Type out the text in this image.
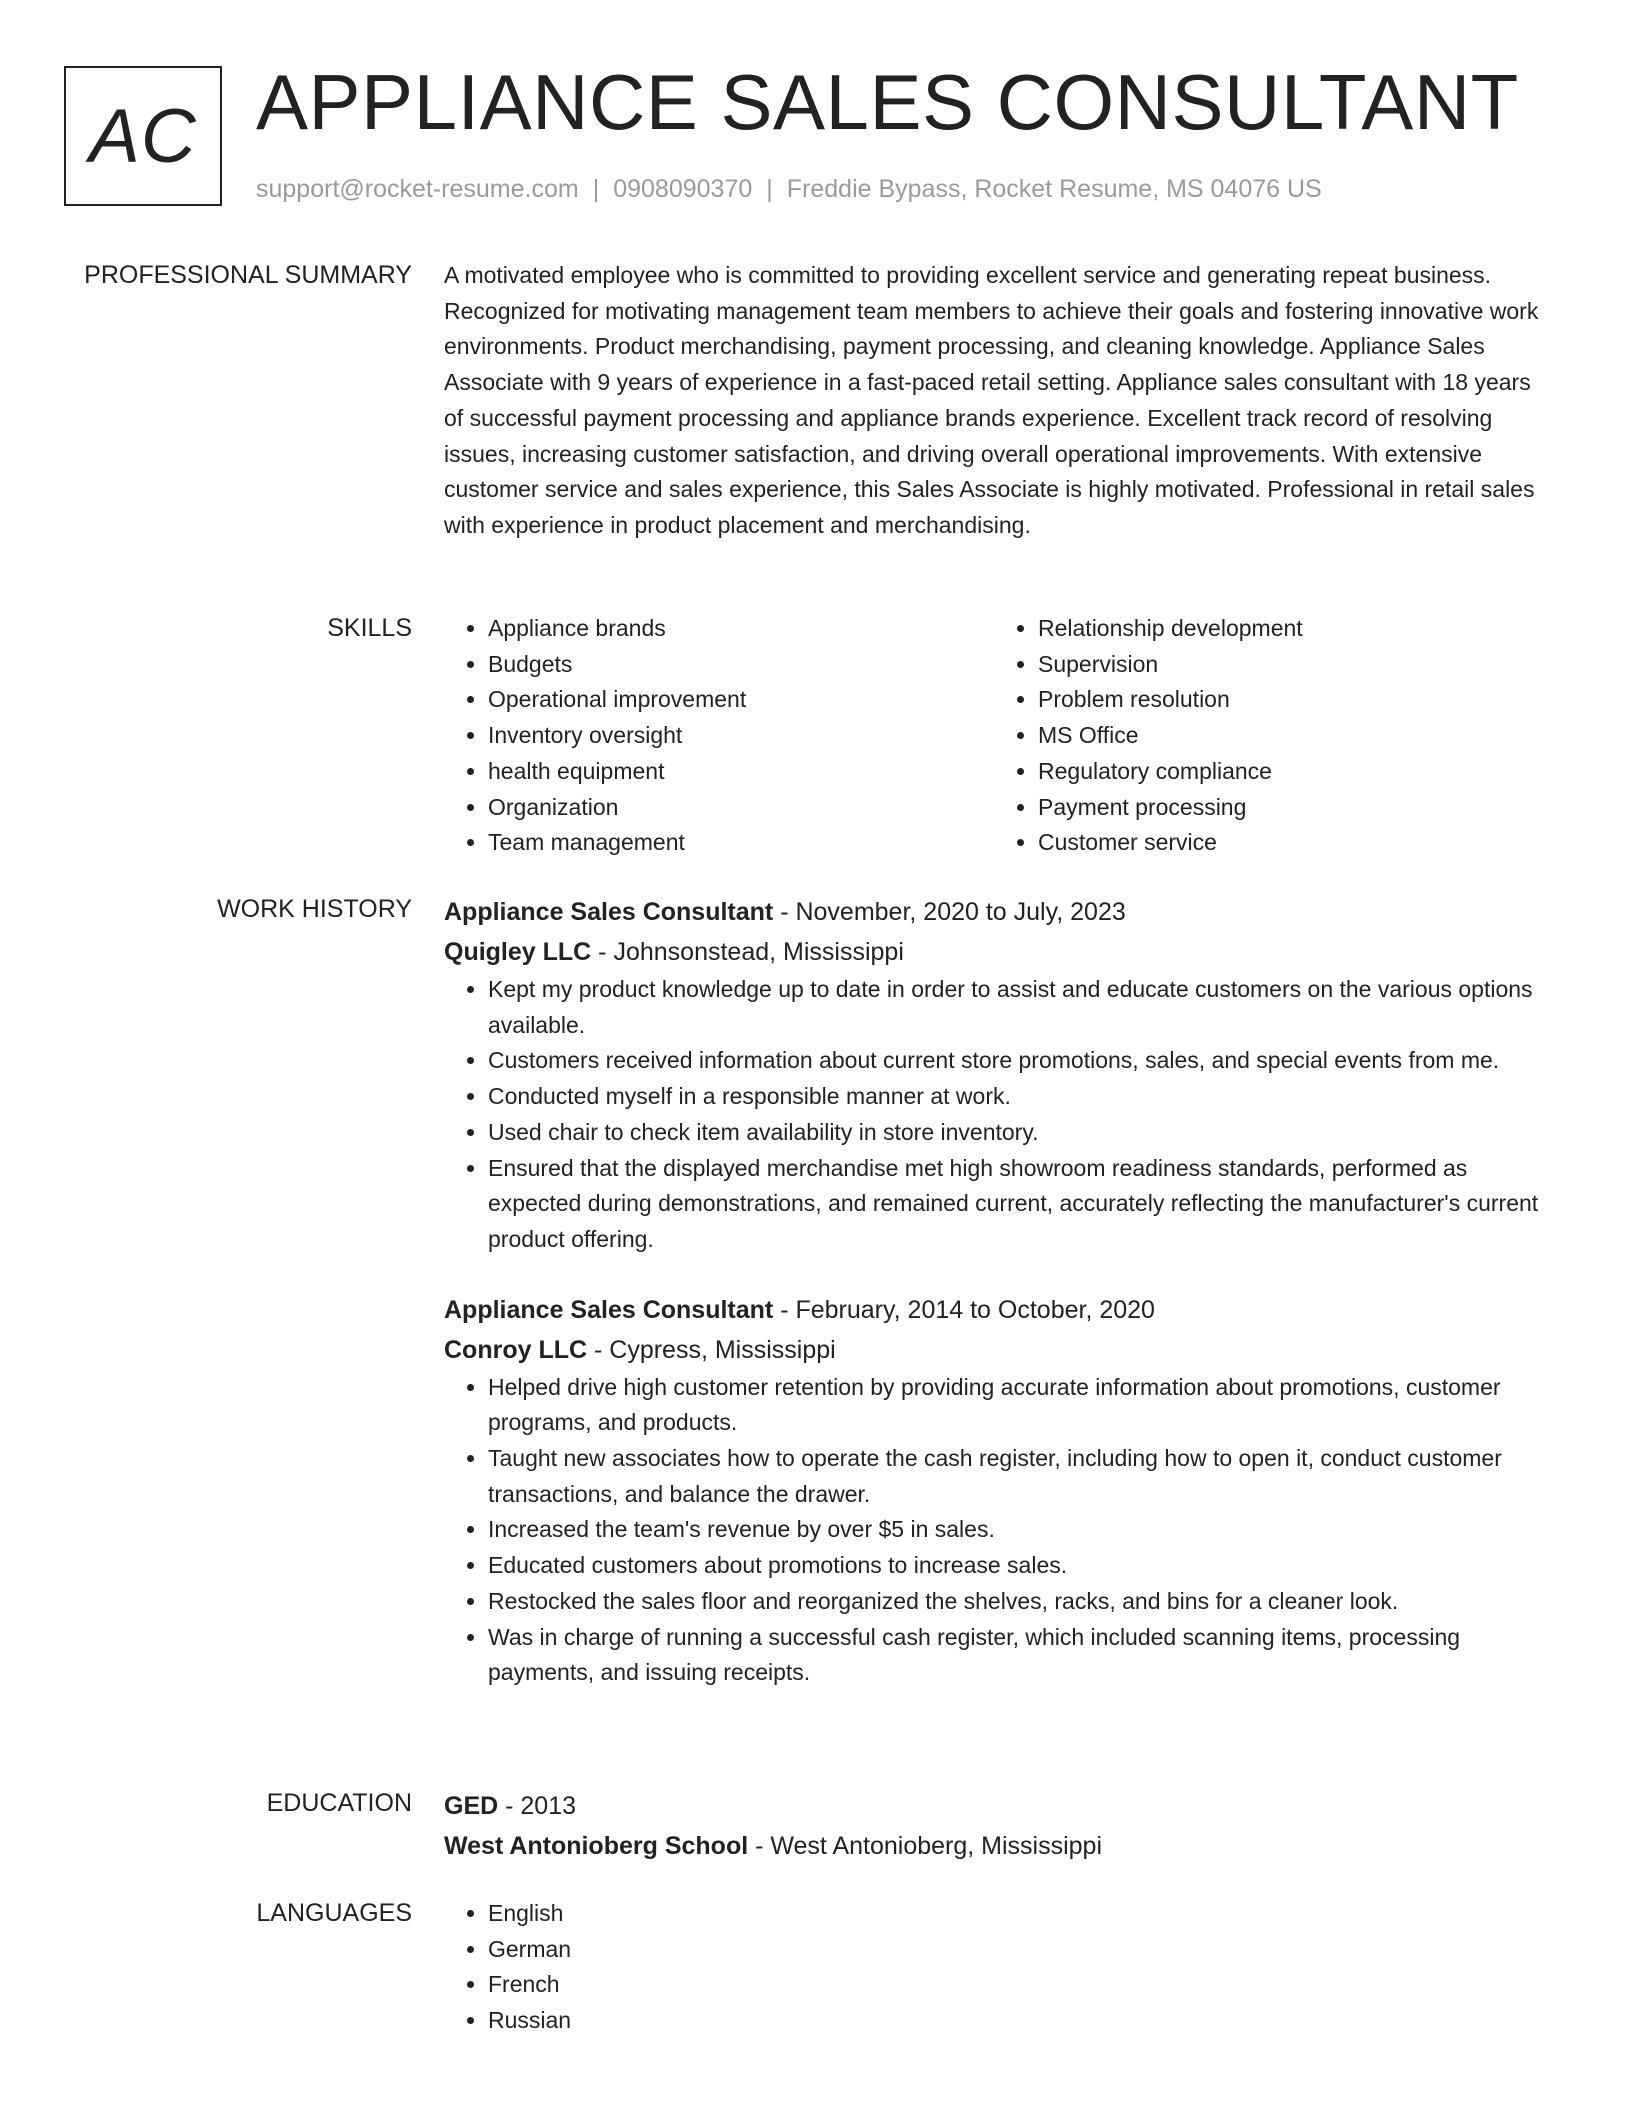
AC APPLIANCE SALES CONSULTANT
support@rocket-resume.com | 0908090370 | Freddie Bypass, Rocket Resume, MS 04076 US
PROFESSIONAL SUMMARY A motivated employee who is committed to providing excellent service and generating repeat business. Recognized for motivating management team members to achieve their goals and fostering innovative work environments. Product merchandising, payment processing, and cleaning knowledge. Appliance Sales Associate with 9 years of experience in a fast-paced retail setting. Appliance sales consultant with 18 years of successful payment processing and appliance brands experience. Excellent track record of resolving issues, increasing customer satisfaction, and driving overall operational improvements. With extensive customer service and sales experience, this Sales Associate is highly motivated. Professional in retail sales with experience in product placement and merchandising.

SKILLS	• Appliance brands
• Budgets
• Operational improvement
• Inventory oversight
• health equipment
• Organization
• Team management
• Relationship development
• Supervision
• Problem resolution
• MS Office
• Regulatory compliance
• Payment processing
• Customer service
WORK HISTORY Appliance Sales Consultant - November, 2020 to July, 2023

Quigley LLC - Johnsonstead, Mississippi

• Kept my product knowledge up to date in order to assist and educate customers on the various options available.
• Customers received information about current store promotions, sales, and special events from me.
• Conducted myself in a responsible manner at work.
• Used chair to check item availability in store inventory.
• Ensured that the displayed merchandise met high showroom readiness standards, performed as expected during demonstrations, and remained current, accurately reflecting the manufacturer's current product offering.

Appliance Sales Consultant - February, 2014 to October, 2020

Conroy LLC - Cypress, Mississippi

• Helped drive high customer retention by providing accurate information about promotions, customer programs, and products.
• Taught new associates how to operate the cash register, including how to open it, conduct customer transactions, and balance the drawer.
• Increased the team's revenue by over $5 in sales.
• Educated customers about promotions to increase sales.
• Restocked the sales floor and reorganized the shelves, racks, and bins for a cleaner look.
• Was in charge of running a successful cash register, which included scanning items, processing payments, and issuing receipts.
EDUCATION GED - 2013

West Antonioberg School - West Antonioberg, Mississippi

LANGUAGES	• English
• German
• French
• Russian
